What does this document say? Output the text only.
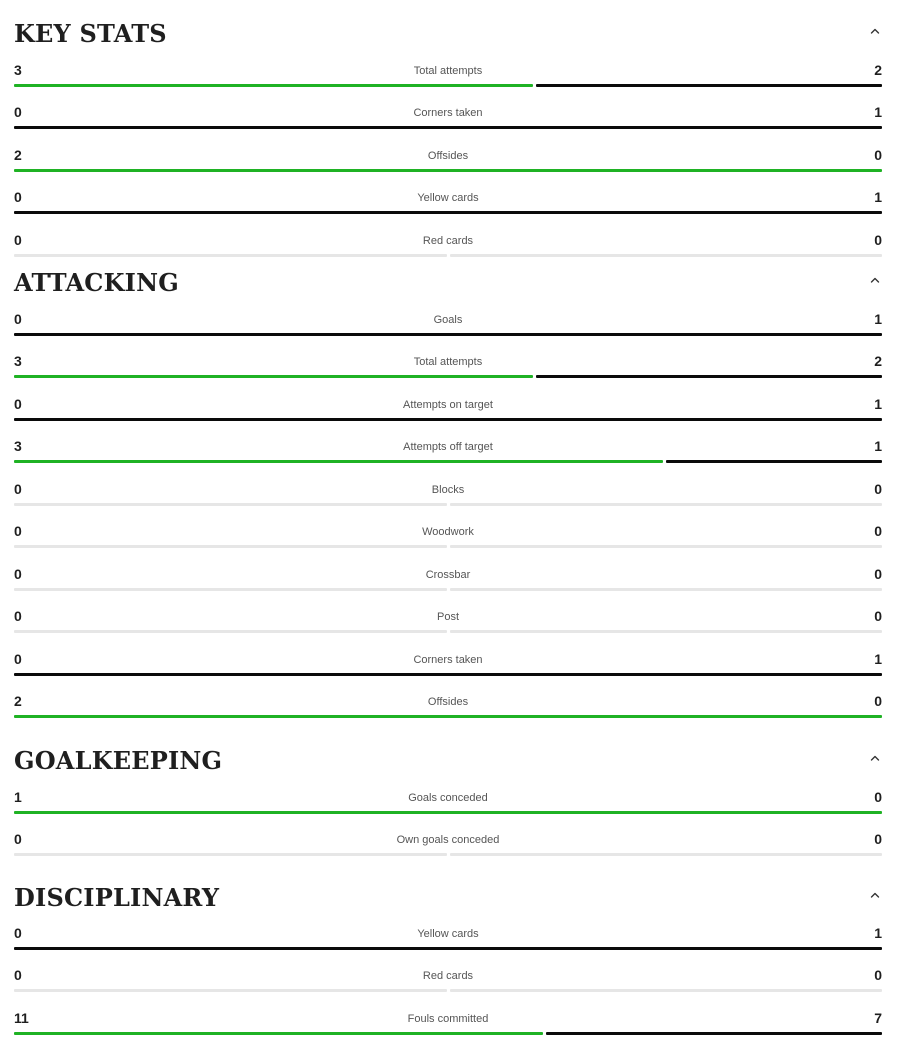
KEY STATS
3	Total attempts	2
0	Corners taken	1
2	Offsides	0
0	Yellow cards	1
0	Red cards	0
ATTACKING
0	Goals	1
3	Total attempts	2
0	Attempts on target	1
3	Attempts off target	1
0	Blocks	0
0	Woodwork	0
0	Crossbar	0
0	Post	0
0	Corners taken	1
2	Offsides	0
GOALKEEPING
1	Goals conceded	0
0	Own goals conceded	0
DISCIPLINARY
0	Yellow cards	1
0	Red cards	0
11	Fouls committed	7
